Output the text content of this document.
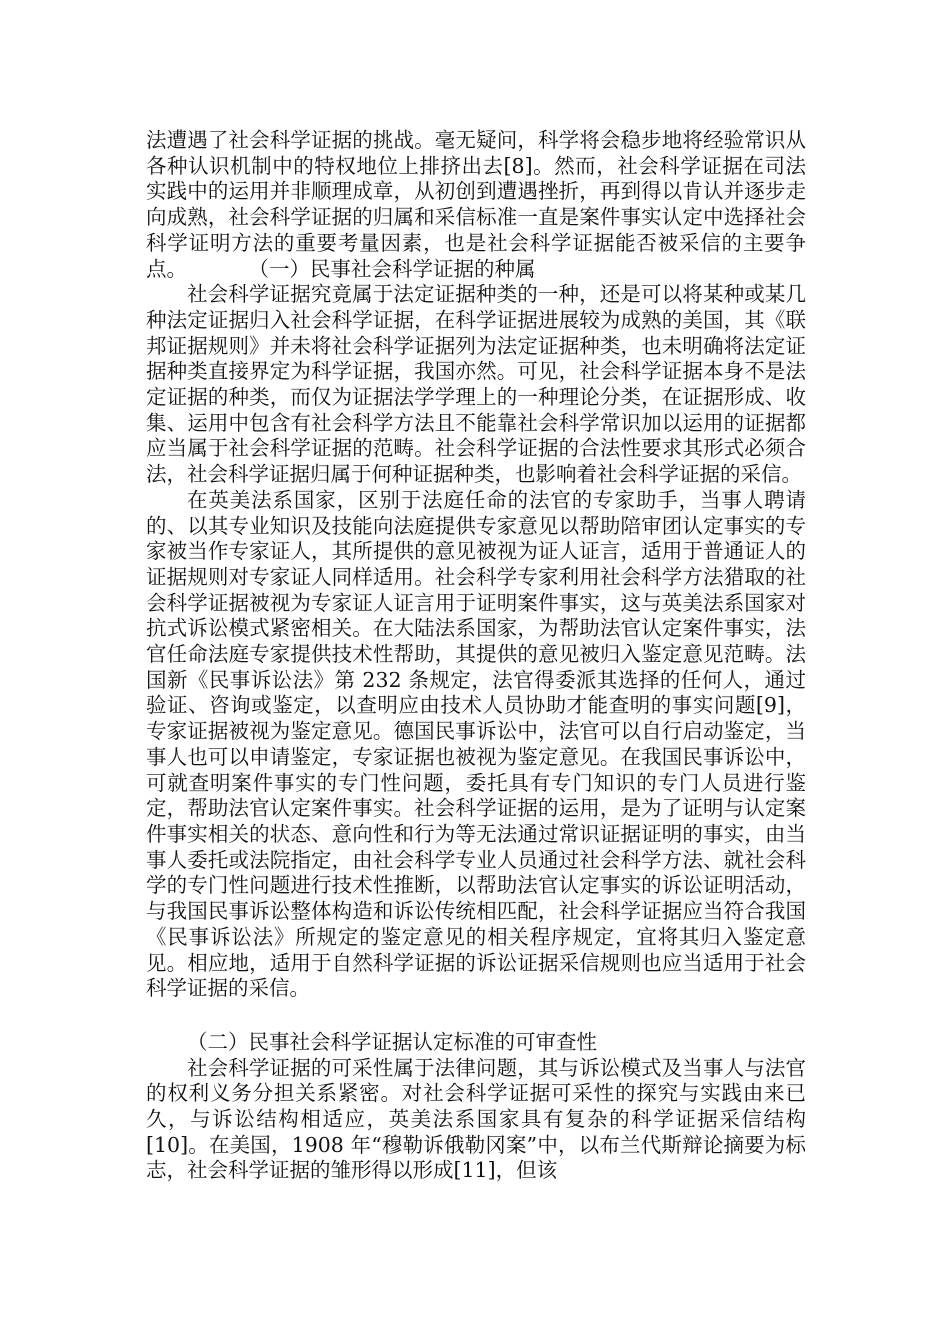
法遭遇了社会科学证据的挑战。毫无疑问，科学将会稳步地将经验常识从各种认识机制中的特权地位上排挤出去[8]。然而，社会科学证据在司法实践中的运用并非顺理成章，从初创到遭遇挫折，再到得以肯认并逐步走向成熟，社会科学证据的归属和采信标准一直是案件事实认定中选择社会科学证明方法的重要考量因素，也是社会科学证据能否被采信的主要争点。	（一）民事社会科学证据的种属

社会科学证据究竟属于法定证据种类的一种，还是可以将某种或某几种法定证据归入社会科学证据，在科学证据进展较为成熟的美国，其《联邦证据规则》并未将社会科学证据列为法定证据种类，也未明确将法定证据种类直接界定为科学证据，我国亦然。可见，社会科学证据本身不是法定证据的种类，而仅为证据法学学理上的一种理论分类，在证据形成、收集、运用中包含有社会科学方法且不能靠社会科学常识加以运用的证据都应当属于社会科学证据的范畴。社会科学证据的合法性要求其形式必须合法，社会科学证据归属于何种证据种类，也影响着社会科学证据的采信。

在英美法系国家，区别于法庭任命的法官的专家助手，当事人聘请的、以其专业知识及技能向法庭提供专家意见以帮助陪审团认定事实的专家被当作专家证人，其所提供的意见被视为证人证言，适用于普通证人的证据规则对专家证人同样适用。社会科学专家利用社会科学方法猎取的社会科学证据被视为专家证人证言用于证明案件事实，这与英美法系国家对抗式诉讼模式紧密相关。在大陆法系国家，为帮助法官认定案件事实，法官任命法庭专家提供技术性帮助，其提供的意见被归入鉴定意见范畴。法国新《民事诉讼法》第 232 条规定，法官得委派其选择的任何人，通过验证、咨询或鉴定，以查明应由技术人员协助才能查明的事实问题[9]，专家证据被视为鉴定意见。德国民事诉讼中，法官可以自行启动鉴定，当事人也可以申请鉴定，专家证据也被视为鉴定意见。在我国民事诉讼中，可就查明案件事实的专门性问题，委托具有专门知识的专门人员进行鉴定，帮助法官认定案件事实。社会科学证据的运用，是为了证明与认定案件事实相关的状态、意向性和行为等无法通过常识证据证明的事实，由当事人委托或法院指定，由社会科学专业人员通过社会科学方法、就社会科学的专门性问题进行技术性推断，以帮助法官认定事实的诉讼证明活动，与我国民事诉讼整体构造和诉讼传统相匹配，社会科学证据应当符合我国《民事诉讼法》所规定的鉴定意见的相关程序规定，宜将其归入鉴定意见。相应地，适用于自然科学证据的诉讼证据采信规则也应当适用于社会科学证据的采信。

（二）民事社会科学证据认定标准的可审查性

社会科学证据的可采性属于法律问题，其与诉讼模式及当事人与法官的权利义务分担关系紧密。对社会科学证据可采性的探究与实践由来已久，与诉讼结构相适应，英美法系国家具有复杂的科学证据采信结构[10]。在美国，1908 年“穆勒诉俄勒冈案”中，以布兰代斯辩论摘要为标志，社会科学证据的雏形得以形成[11]，但该
